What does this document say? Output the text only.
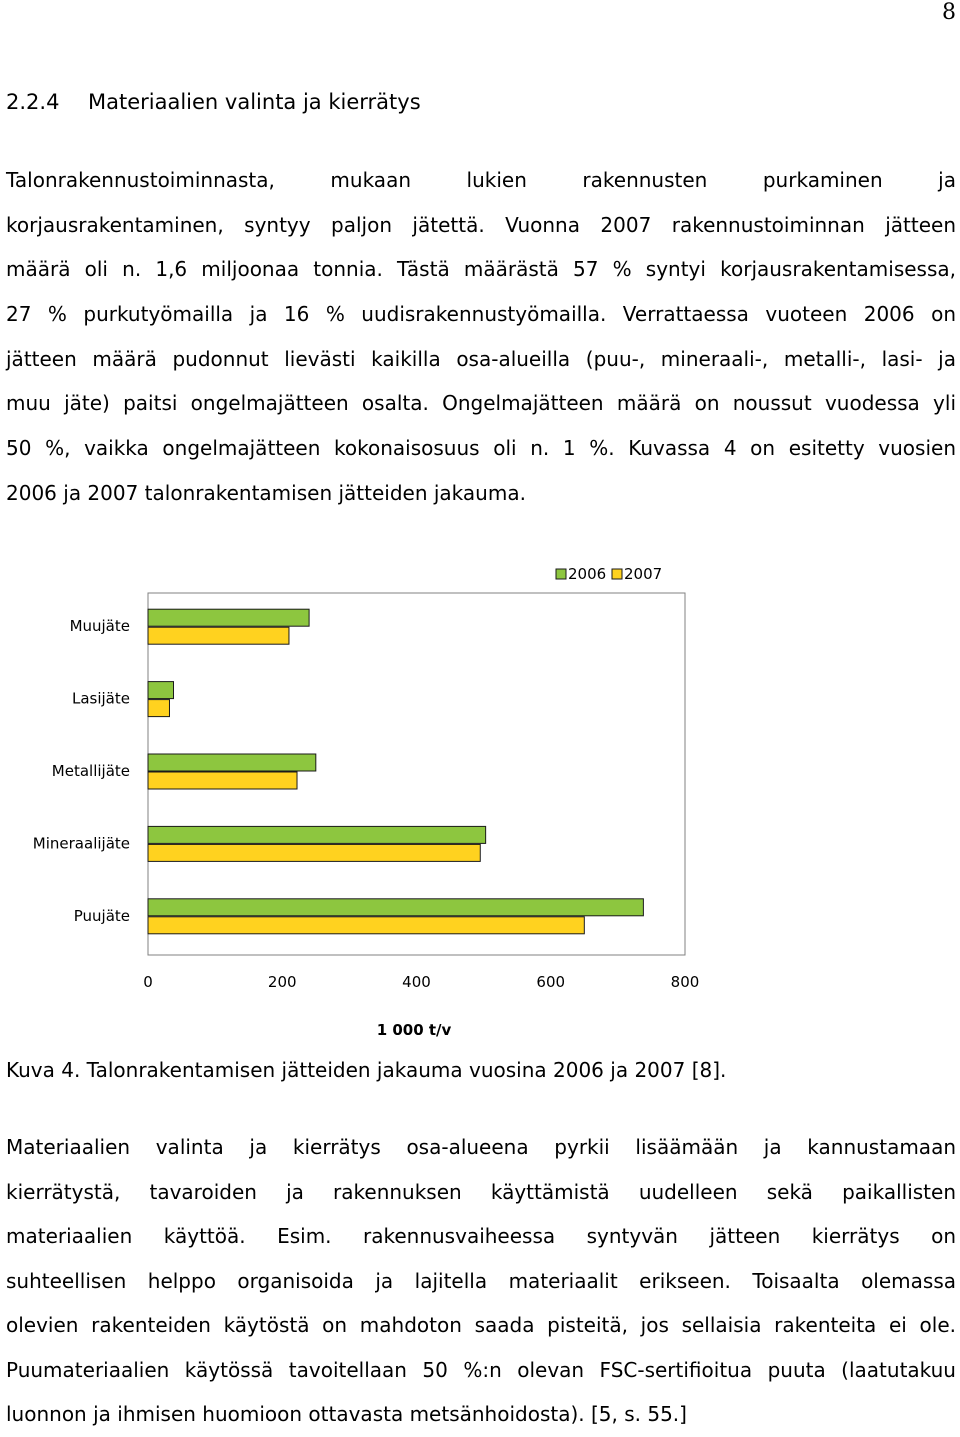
8
2.2.4 Materiaalien valinta ja kierrätys
Talonrakennustoiminnasta, mukaan lukien rakennusten purkaminen ja
korjausrakentaminen, syntyy paljon jätettä. Vuonna 2007 rakennustoiminnan jätteen
määrä oli n. 1,6 miljoonaa tonnia. Tästä määrästä 57 % syntyi korjausrakentamisessa,
27 % purkutyömailla ja 16 % uudisrakennustyömailla. Verrattaessa vuoteen 2006 on
jätteen määrä pudonnut lievästi kaikilla osa-alueilla (puu-, mineraali-, metalli-, lasi- ja
muu jäte) paitsi ongelmajätteen osalta. Ongelmajätteen määrä on noussut vuodessa yli
50 %, vaikka ongelmajätteen kokonaisosuus oli n. 1 %. Kuvassa 4 on esitetty vuosien
2006 ja 2007 talonrakentamisen jätteiden jakauma.
Muujäte
Lasijäte
Metallijäte
Mineraalijäte
Puujäte
0	200	400	600	800
1 000 t/v
2006 2007
Kuva 4. Talonrakentamisen jätteiden jakauma vuosina 2006 ja 2007 [8].
Materiaalien valinta ja kierrätys osa-alueena pyrkii lisäämään ja kannustamaan
kierrätystä, tavaroiden ja rakennuksen käyttämistä uudelleen sekä paikallisten
materiaalien käyttöä. Esim. rakennusvaiheessa syntyvän jätteen kierrätys on
suhteellisen helppo organisoida ja lajitella materiaalit erikseen. Toisaalta olemassa
olevien rakenteiden käytöstä on mahdoton saada pisteitä, jos sellaisia rakenteita ei ole.
Puumateriaalien käytössä tavoitellaan 50 %:n olevan FSC-sertifioitua puuta (laatutakuu
luonnon ja ihmisen huomioon ottavasta metsänhoidosta). [5, s. 55.]
